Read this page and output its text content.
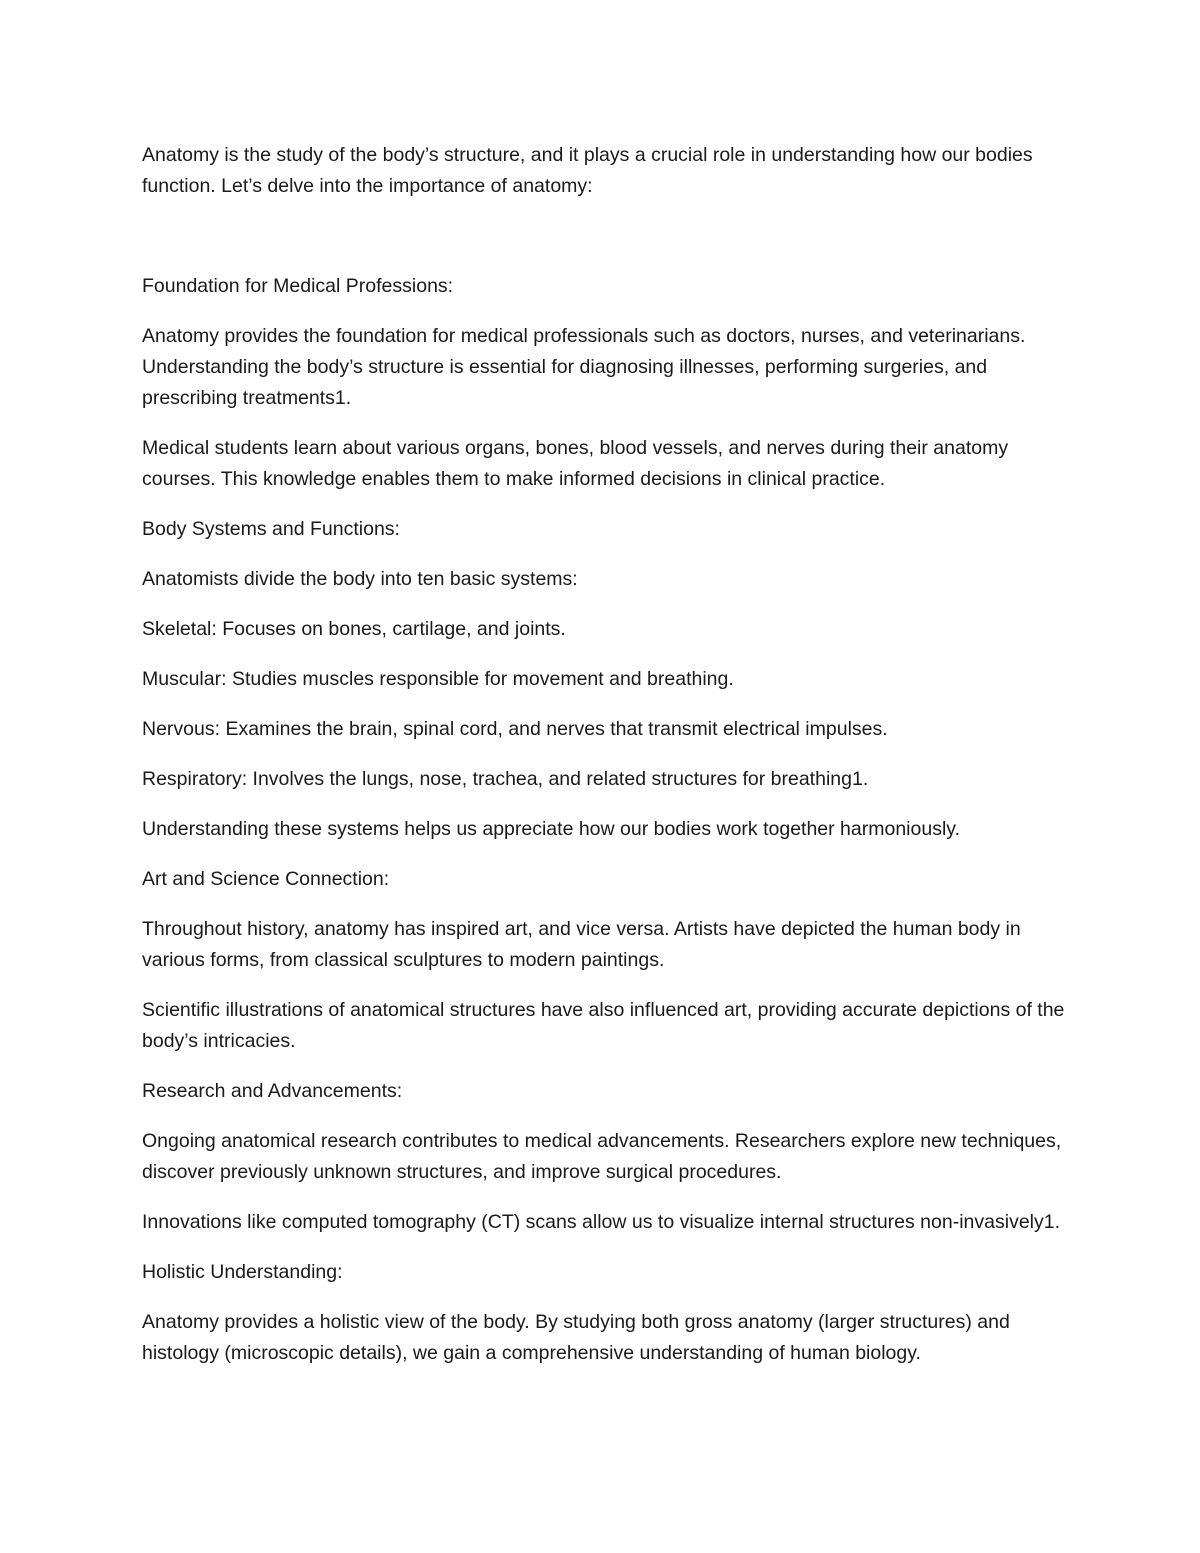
Anatomy is the study of the body’s structure, and it plays a crucial role in understanding how our bodies function. Let’s delve into the importance of anatomy:

Foundation for Medical Professions:

Anatomy provides the foundation for medical professionals such as doctors, nurses, and veterinarians. Understanding the body’s structure is essential for diagnosing illnesses, performing surgeries, and prescribing treatments1.

Medical students learn about various organs, bones, blood vessels, and nerves during their anatomy courses. This knowledge enables them to make informed decisions in clinical practice.

Body Systems and Functions:

Anatomists divide the body into ten basic systems:

Skeletal: Focuses on bones, cartilage, and joints.

Muscular: Studies muscles responsible for movement and breathing.

Nervous: Examines the brain, spinal cord, and nerves that transmit electrical impulses.

Respiratory: Involves the lungs, nose, trachea, and related structures for breathing1.

Understanding these systems helps us appreciate how our bodies work together harmoniously.

Art and Science Connection:

Throughout history, anatomy has inspired art, and vice versa. Artists have depicted the human body in various forms, from classical sculptures to modern paintings.

Scientific illustrations of anatomical structures have also influenced art, providing accurate depictions of the body’s intricacies.

Research and Advancements:

Ongoing anatomical research contributes to medical advancements. Researchers explore new techniques, discover previously unknown structures, and improve surgical procedures.

Innovations like computed tomography (CT) scans allow us to visualize internal structures non-invasively1.

Holistic Understanding:

Anatomy provides a holistic view of the body. By studying both gross anatomy (larger structures) and histology (microscopic details), we gain a comprehensive understanding of human biology.
